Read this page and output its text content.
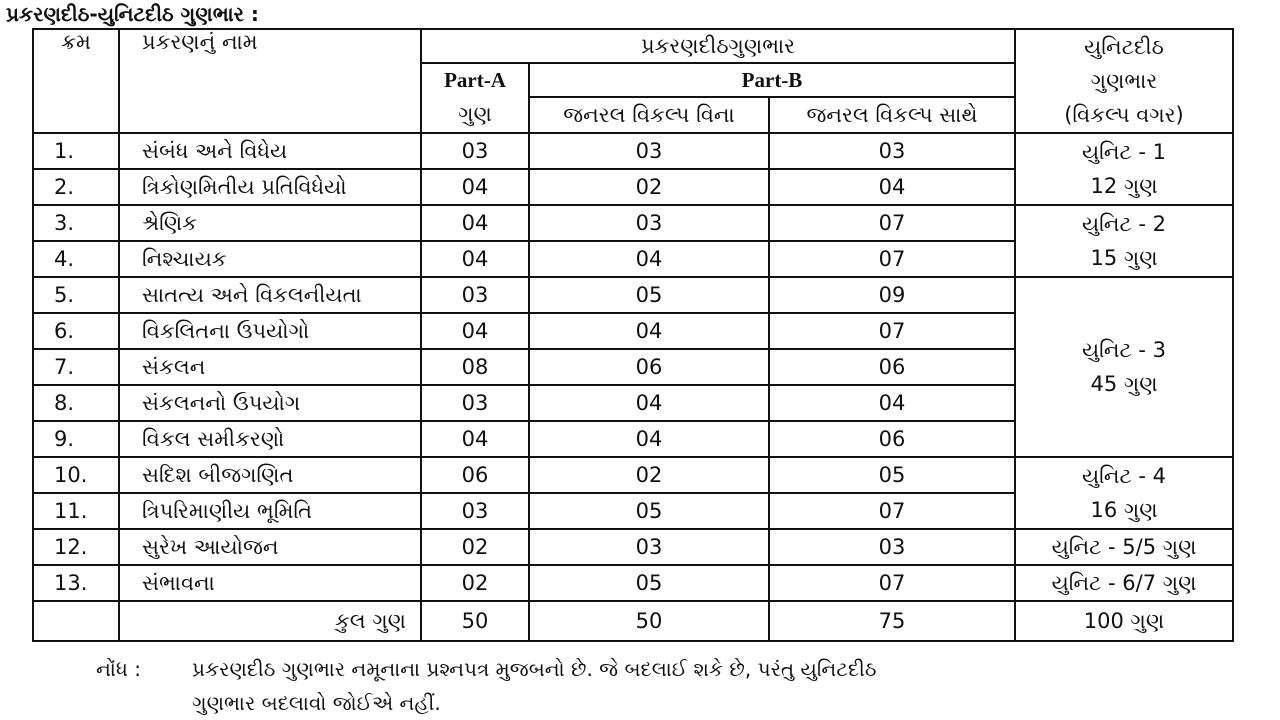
પ્રકરણદીઠ-યુનિટદીઠ ગુણભાર :
ક્રમ	પ્રકરણનું નામ	પ્રકરણદીઠગુણભાર			યુનિટદીઠ
ગુણભાર
(વિકલ્પ વગર)

		Part-A	Part-B		
		ગુણ	જનરલ વિકલ્પ વિના	જનરલ વિકલ્પ સાથે	
1.	સંબંધ અને વિધેય	03	03	03	યુનિટ - 1
12 ગુણ

2.	ત્રિકોણમિતીય પ્રતિવિધેયો	04	02	04	
3.	શ્રેણિક	04	03	07	યુનિટ - 2
15 ગુણ

4.	નિશ્ચાયક	04	04	07	
5.	સાતત્ય અને વિકલનીયતા	03	05	09	યુનિટ - 3
45 ગુણ

6.	વિકલિતના ઉપયોગો	04	04	07	
7.	સંકલન	08	06	06	
8.	સંકલનનો ઉપયોગ	03	04	04	
9.	વિકલ સમીકરણો	04	04	06	
10.	સદિશ બીજગણિત	06	02	05	યુનિટ - 4
16 ગુણ

11.	ત્રિપરિમાણીય ભૂમિતિ	03	05	07	
12.	સુરેખ આયોજન	02	03	03	યુનિટ - 5/5 ગુણ

13.	સંભાવના	02	05	07	યુનિટ - 6/7 ગુણ

	કુલ ગુણ	50	50	75	100 ગુણ
નોંધ :	પ્રકરણદીઠ ગુણભાર નમૂનાના પ્રશ્નપત્ર મુજબનો છે. જે બદલાઈ શકે છે, પરંતુ યુનિટદીઠ
ગુણભાર બદલાવો જોઈએ નહીં.
